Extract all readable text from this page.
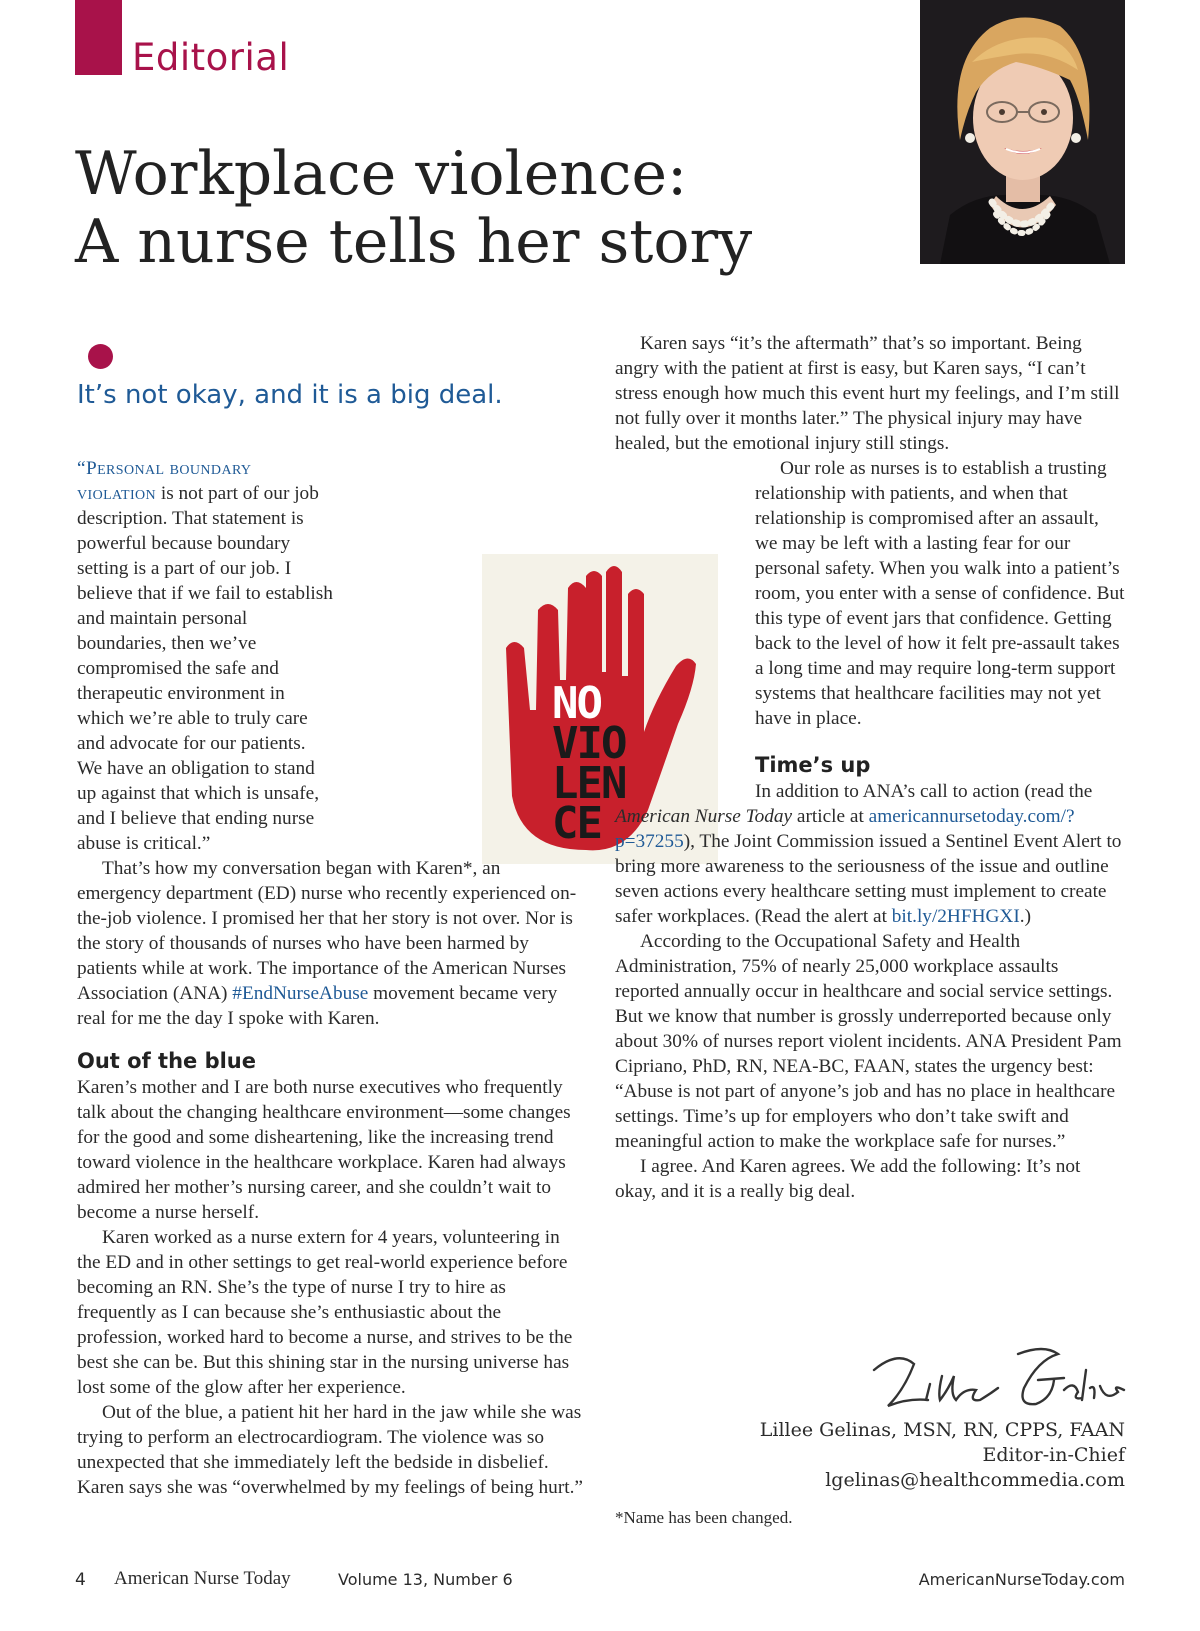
Editorial
Workplace violence:
A nurse tells her story
It’s not okay, and it is a big deal.
NO
VIO
LEN
CE

“Personal boundary violation is not part of our job description. That statement is powerful because boundary setting is a part of our job. I believe that if we fail to establish and maintain personal boundaries, then we’ve compromised the safe and therapeutic environment in which we’re able to truly care and advocate for our patients. We have an obligation to stand up against that which is unsafe, and I believe that ending nurse abuse is critical.”

That’s how my conversation began with Karen*, an emergency department (ED) nurse who recently experienced on-the-job violence. I promised her that her story is not over. Nor is the story of thousands of nurses who have been harmed by patients while at work. The importance of the American Nurses Association (ANA) #EndNurseAbuse movement became very real for me the day I spoke with Karen.

Out of the blue

Karen’s mother and I are both nurse executives who frequently talk about the changing healthcare environment—some changes for the good and some disheartening, like the increasing trend toward violence in the healthcare workplace. Karen had always admired her mother’s nursing career, and she couldn’t wait to become a nurse herself.

Karen worked as a nurse extern for 4 years, volunteering in the ED and in other settings to get real-world experience before becoming an RN. She’s the type of nurse I try to hire as frequently as I can because she’s enthusiastic about the profession, worked hard to become a nurse, and strives to be the best she can be. But this shining star in the nursing universe has lost some of the glow after her experience.

Out of the blue, a patient hit her hard in the jaw while she was trying to perform an electrocardiogram. The violence was so unexpected that she immediately left the bedside in disbelief. Karen says she was “overwhelmed by my feelings of being hurt.”

Karen says “it’s the aftermath” that’s so important. Being angry with the patient at first is easy, but Karen says, “I can’t stress enough how much this event hurt my feelings, and I’m still not fully over it months later.” The physical injury may have healed, but the emotional injury still stings.

Our role as nurses is to establish a trusting relationship with patients, and when that relationship is compromised after an assault, we may be left with a lasting fear for our personal safety. When you walk into a patient’s room, you enter with a sense of confidence. But this type of event jars that confidence. Getting back to the level of how it felt pre-assault takes a long time and may require long-term support systems that healthcare facilities may not yet have in place.

Time’s up

In addition to ANA’s call to action (read the American Nurse Today article at americannursetoday.com/?p=37255), The Joint Commission issued a Sentinel Event Alert to bring more awareness to the seriousness of the issue and outline seven actions every healthcare setting must implement to create safer workplaces. (Read the alert at bit.ly/2HFHGXI.)

According to the Occupational Safety and Health Administration, 75% of nearly 25,000 workplace assaults reported annually occur in healthcare and social service settings. But we know that number is grossly underreported because only about 30% of nurses report violent incidents. ANA President Pam Cipriano, PhD, RN, NEA-BC, FAAN, states the urgency best: “Abuse is not part of anyone’s job and has no place in healthcare settings. Time’s up for employers who don’t take swift and meaningful action to make the workplace safe for nurses.”

I agree. And Karen agrees. We add the following: It’s not okay, and it is a really big deal.

Lillee Gelinas, MSN, RN, CPPS, FAAN
Editor-in-Chief
lgelinas@healthcommedia.com
*Name has been changed.
4 American Nurse Today	Volume 13, Number 6	AmericanNurseToday.com
